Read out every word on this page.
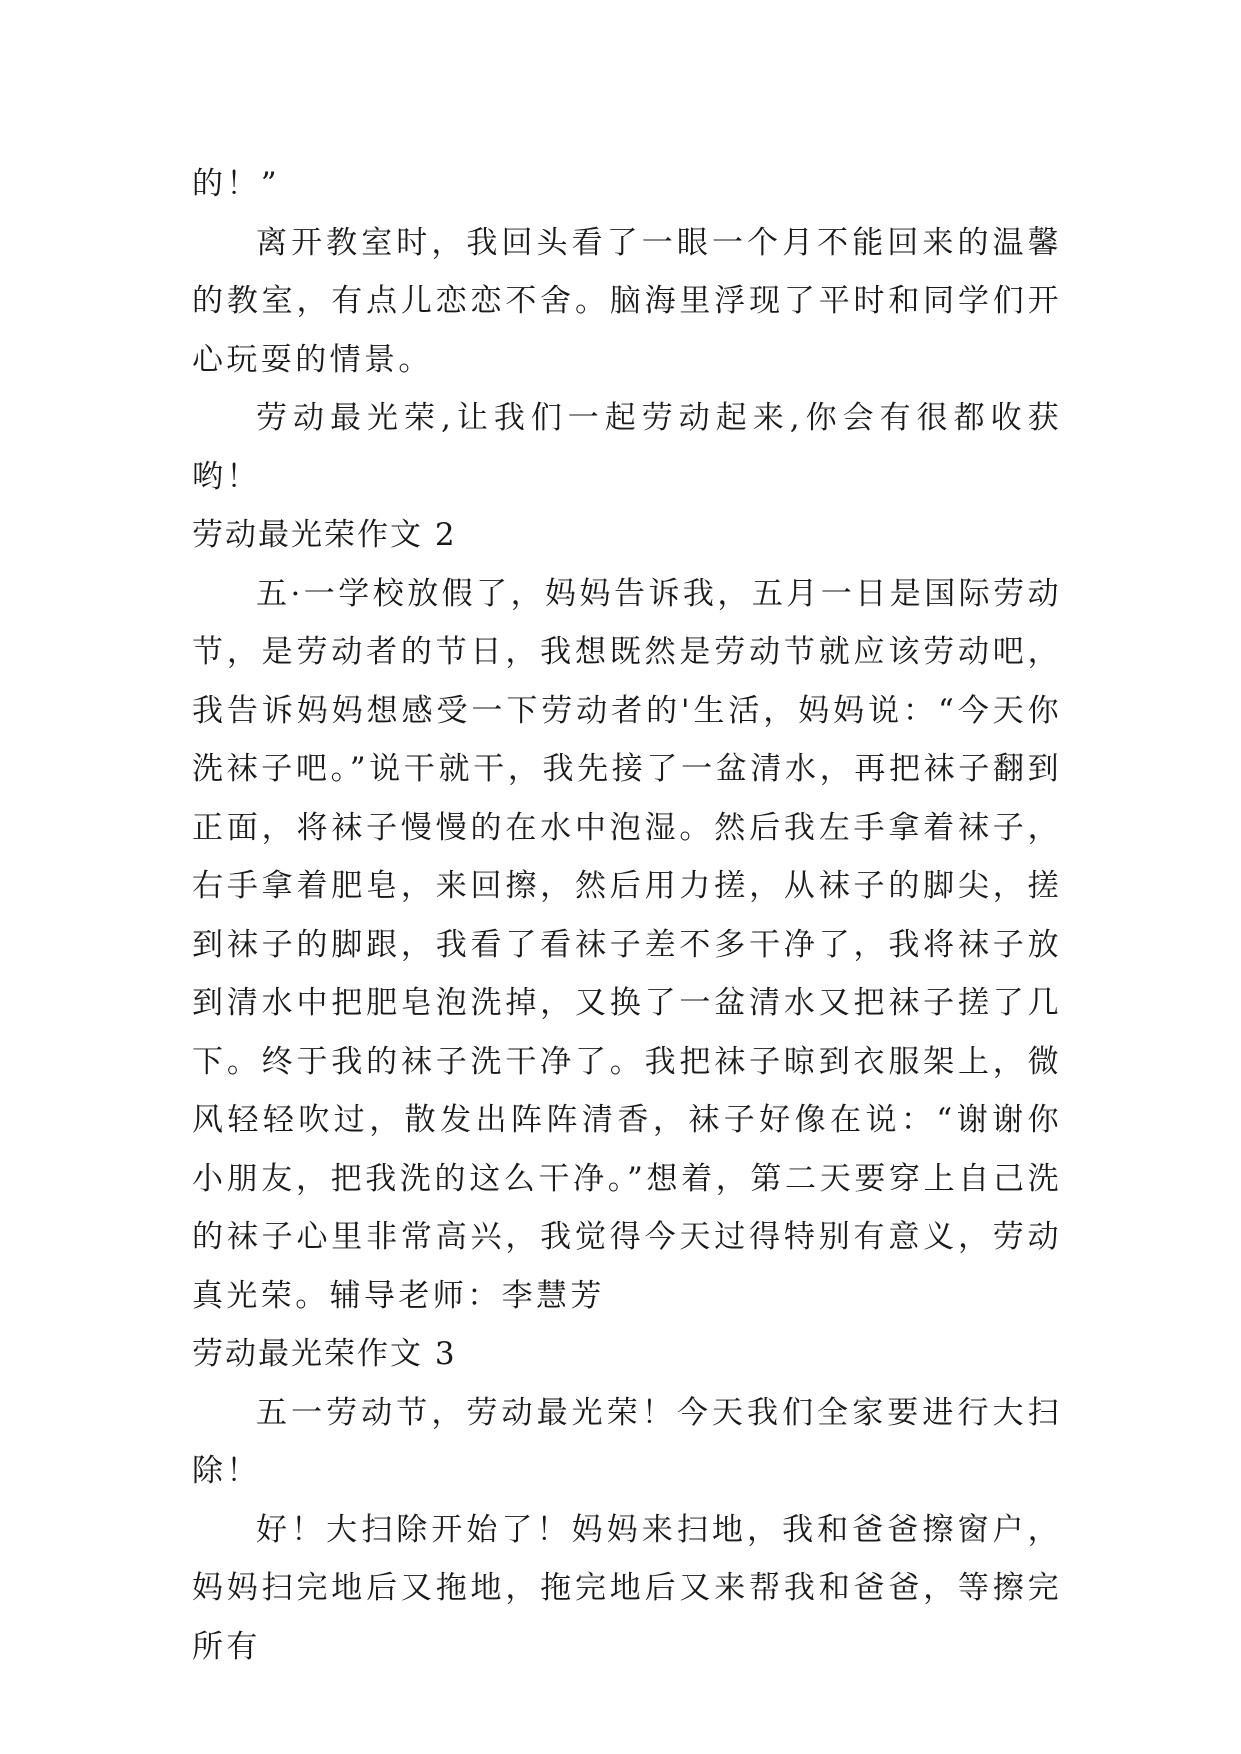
的！”

离开教室时，我回头看了一眼一个月不能回来的温馨的教室，有点儿恋恋不舍。脑海里浮现了平时和同学们开心玩耍的情景。

劳动最光荣,让我们一起劳动起来,你会有很都收获哟！

劳动最光荣作文 2

五·一学校放假了，妈妈告诉我，五月一日是国际劳动节，是劳动者的节日，我想既然是劳动节就应该劳动吧，我告诉妈妈想感受一下劳动者的'生活，妈妈说：“今天你洗袜子吧。”说干就干，我先接了一盆清水，再把袜子翻到正面，将袜子慢慢的在水中泡湿。然后我左手拿着袜子，右手拿着肥皂，来回擦，然后用力搓，从袜子的脚尖，搓到袜子的脚跟，我看了看袜子差不多干净了，我将袜子放到清水中把肥皂泡洗掉，又换了一盆清水又把袜子搓了几下。终于我的袜子洗干净了。我把袜子晾到衣服架上，微风轻轻吹过，散发出阵阵清香，袜子好像在说：“谢谢你小朋友，把我洗的这么干净。”想着，第二天要穿上自己洗的袜子心里非常高兴，我觉得今天过得特别有意义，劳动真光荣。辅导老师：李慧芳

劳动最光荣作文 3

五一劳动节，劳动最光荣！今天我们全家要进行大扫除！

好！大扫除开始了！妈妈来扫地，我和爸爸擦窗户，妈妈扫完地后又拖地，拖完地后又来帮我和爸爸，等擦完所有
